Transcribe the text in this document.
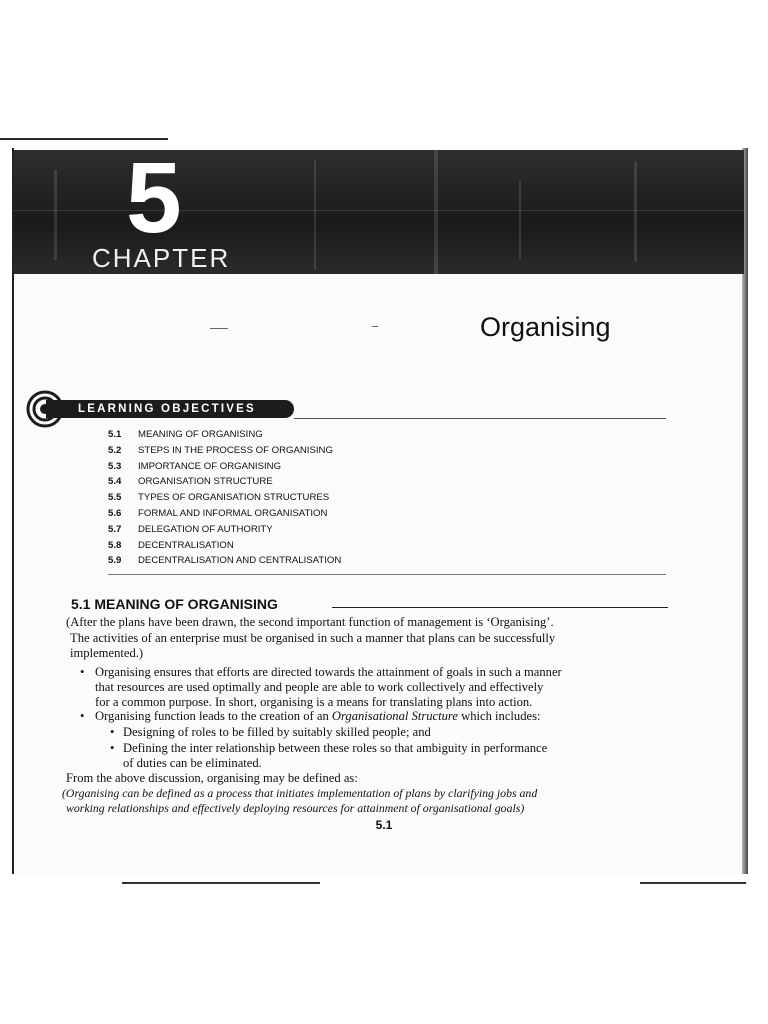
5
CHAPTER
Organising
LEARNING OBJECTIVES
5.1 MEANING OF ORGANISING
5.2 STEPS IN THE PROCESS OF ORGANISING
5.3 IMPORTANCE OF ORGANISING
5.4 ORGANISATION STRUCTURE
5.5 TYPES OF ORGANISATION STRUCTURES
5.6 FORMAL AND INFORMAL ORGANISATION
5.7 DELEGATION OF AUTHORITY
5.8 DECENTRALISATION
5.9 DECENTRALISATION AND CENTRALISATION
5.1 MEANING OF ORGANISING
(After the plans have been drawn, the second important function of management is ‘Organising’.
The activities of an enterprise must be organised in such a manner that plans can be successfully
implemented.)
• Organising ensures that efforts are directed towards the attainment of goals in such a manner
that resources are used optimally and people are able to work collectively and effectively
for a common purpose. In short, organising is a means for translating plans into action.
• Organising function leads to the creation of an Organisational Structure which includes:
• Designing of roles to be filled by suitably skilled people; and
• Defining the inter relationship between these roles so that ambiguity in performance
of duties can be eliminated.
From the above discussion, organising may be defined as:
(Organising can be defined as a process that initiates implementation of plans by clarifying jobs and
working relationships and effectively deploying resources for attainment of organisational goals)
5.1
